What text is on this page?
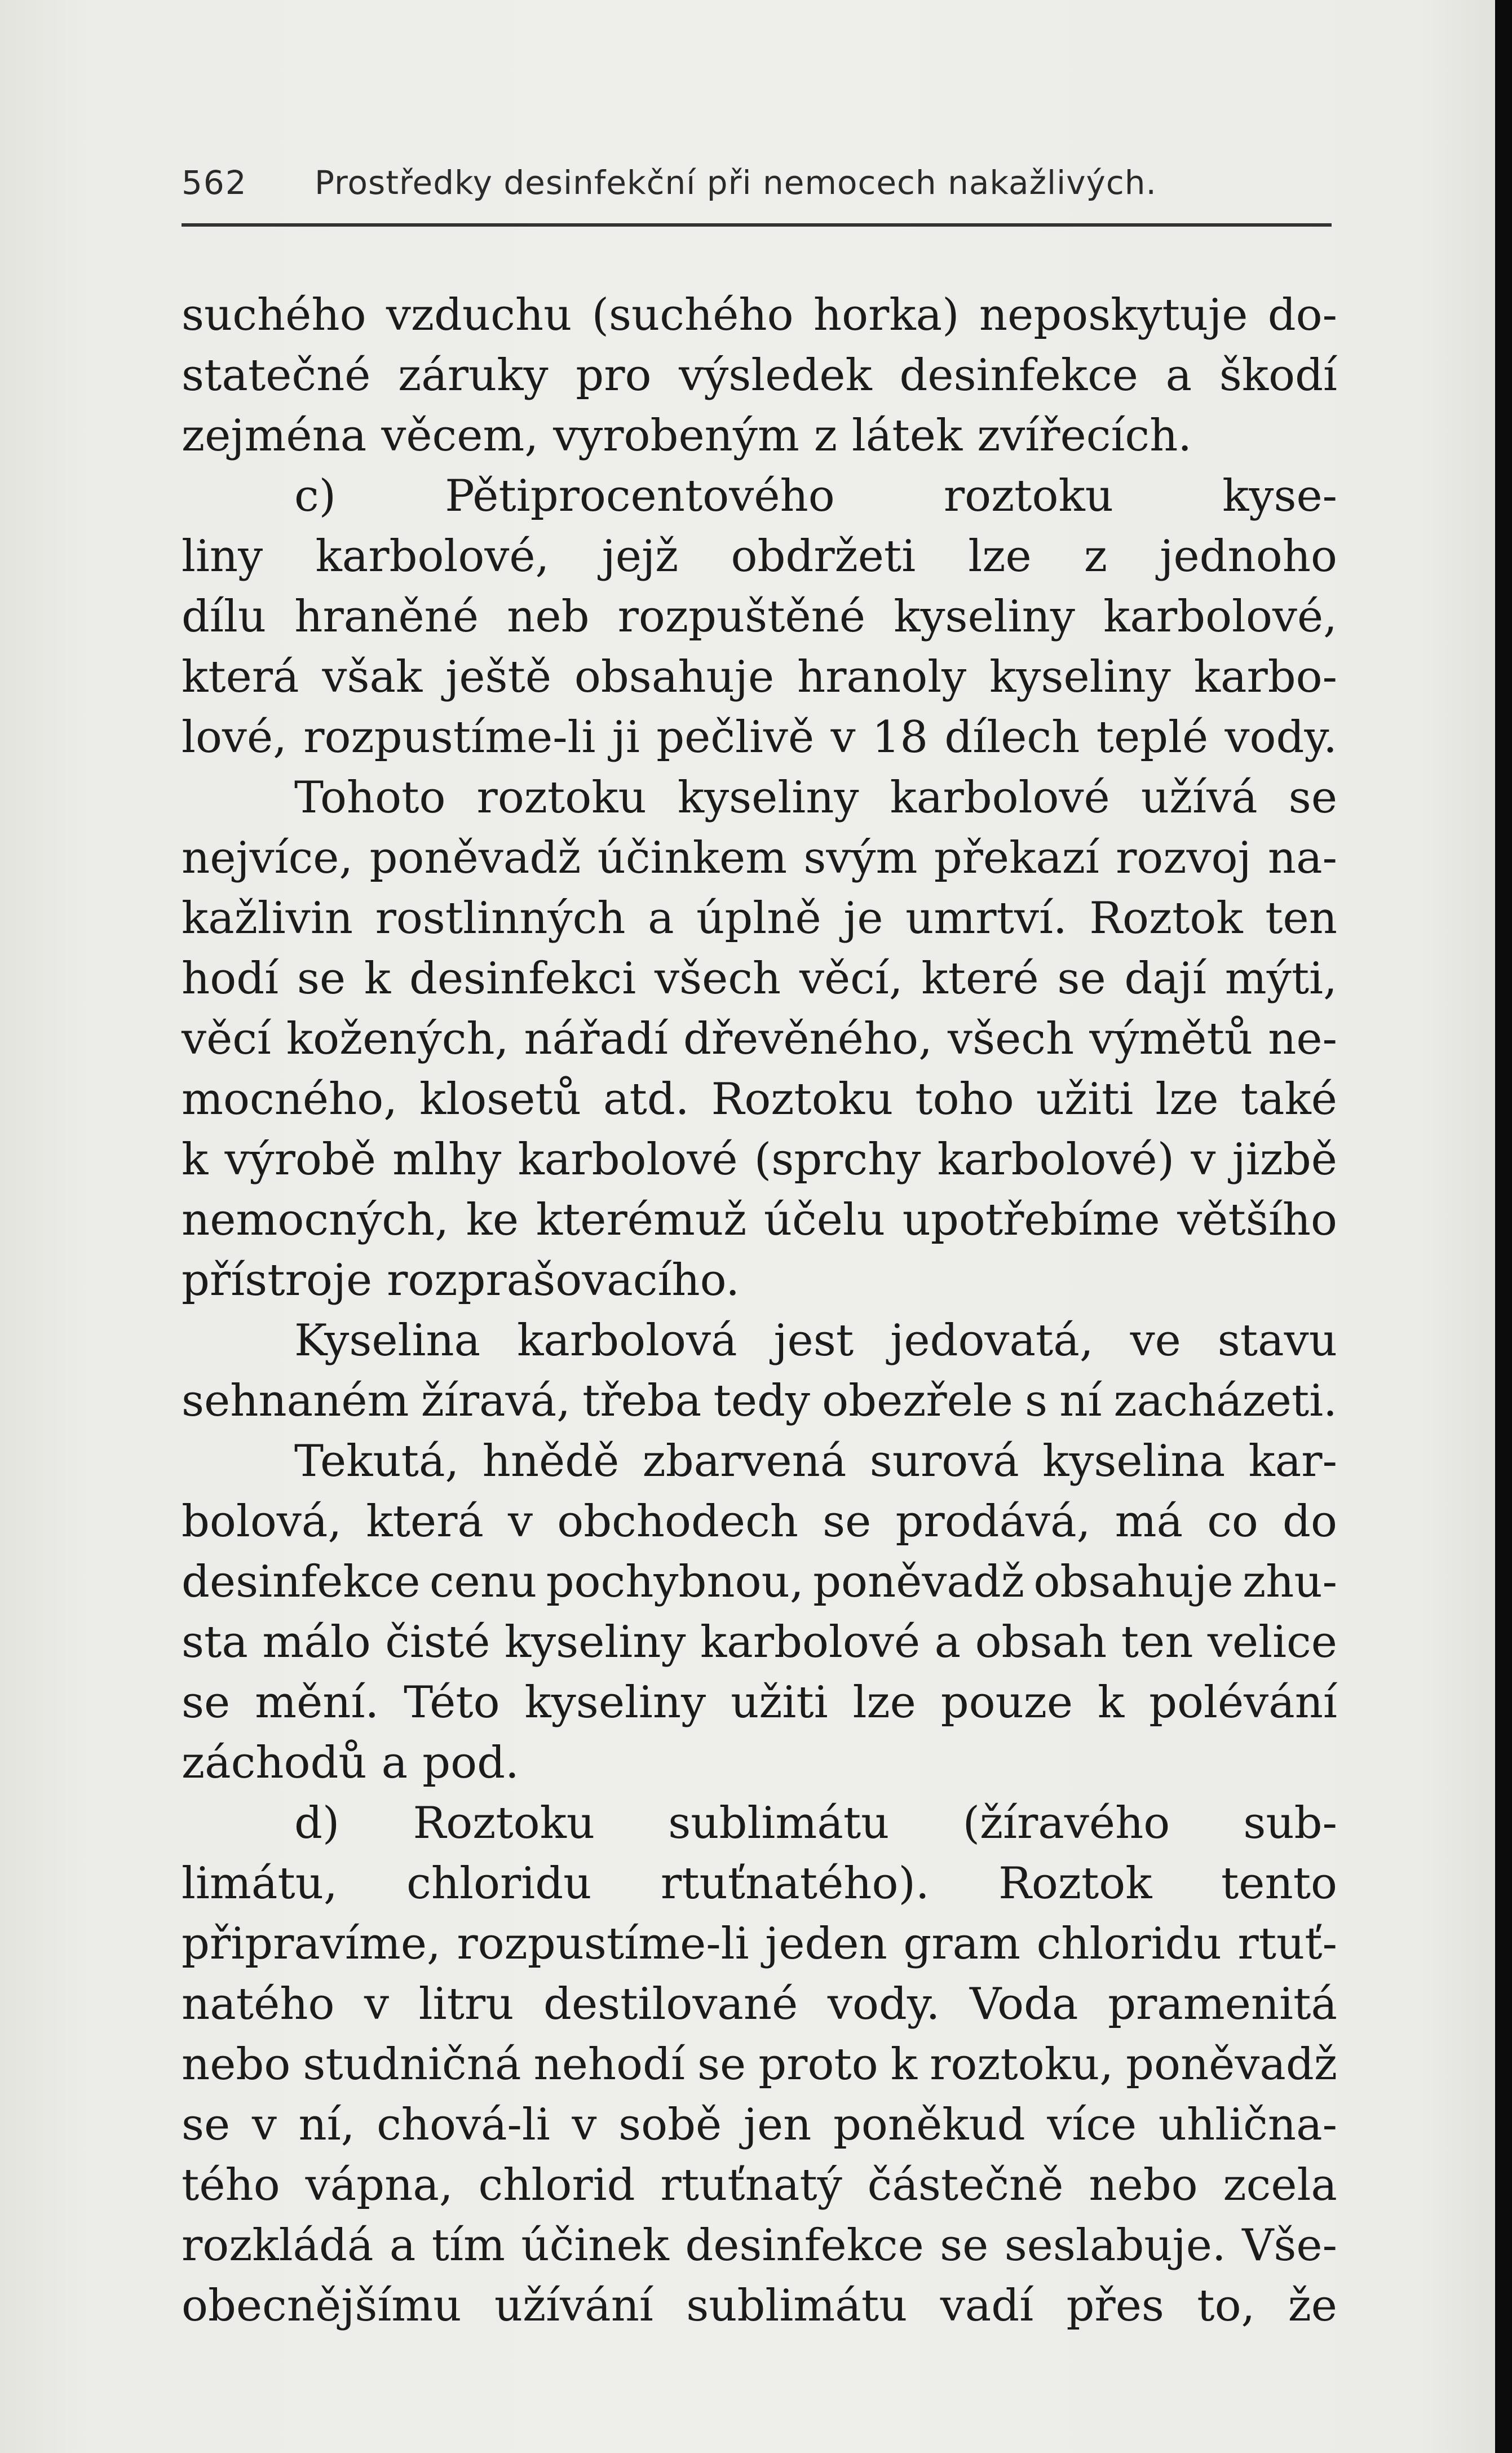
562 Prostředky desinfekční při nemocech nakažlivých.
suchého vzduchu (suchého horka) neposkytuje do-
statečné záruky pro výsledek desinfekce a škodí
zejména věcem, vyrobeným z látek zvířecích.
c) Pětiprocentového roztoku kyse-
liny karbolové, jejž obdržeti lze z jednoho
dílu hraněné neb rozpuštěné kyseliny karbolové,
která však ještě obsahuje hranoly kyseliny karbo-
lové, rozpustíme-li ji pečlivě v 18 dílech teplé vody.
Tohoto roztoku kyseliny karbolové užívá se
nejvíce, poněvadž účinkem svým překazí rozvoj na-
kažlivin rostlinných a úplně je umrtví. Roztok ten
hodí se k desinfekci všech věcí, které se dají mýti,
věcí kožených, nářadí dřevěného, všech výmětů ne-
mocného, klosetů atd. Roztoku toho užiti lze také
k výrobě mlhy karbolové (sprchy karbolové) v jizbě
nemocných, ke kterémuž účelu upotřebíme většího
přístroje rozprašovacího.
Kyselina karbolová jest jedovatá, ve stavu
sehnaném žíravá, třeba tedy obezřele s ní zacházeti.
Tekutá, hnědě zbarvená surová kyselina kar-
bolová, která v obchodech se prodává, má co do
desinfekce cenu pochybnou, poněvadž obsahuje zhu-
sta málo čisté kyseliny karbolové a obsah ten velice
se mění. Této kyseliny užiti lze pouze k polévání
záchodů a pod.
d) Roztoku sublimátu (žíravého sub-
limátu, chloridu rtuťnatého). Roztok tento
připravíme, rozpustíme-li jeden gram chloridu rtuť-
natého v litru destilované vody. Voda pramenitá
nebo studničná nehodí se proto k roztoku, poněvadž
se v ní, chová-li v sobě jen poněkud více uhlična-
tého vápna, chlorid rtuťnatý částečně nebo zcela
rozkládá a tím účinek desinfekce se seslabuje. Vše-
obecnějšímu užívání sublimátu vadí přes to, že
